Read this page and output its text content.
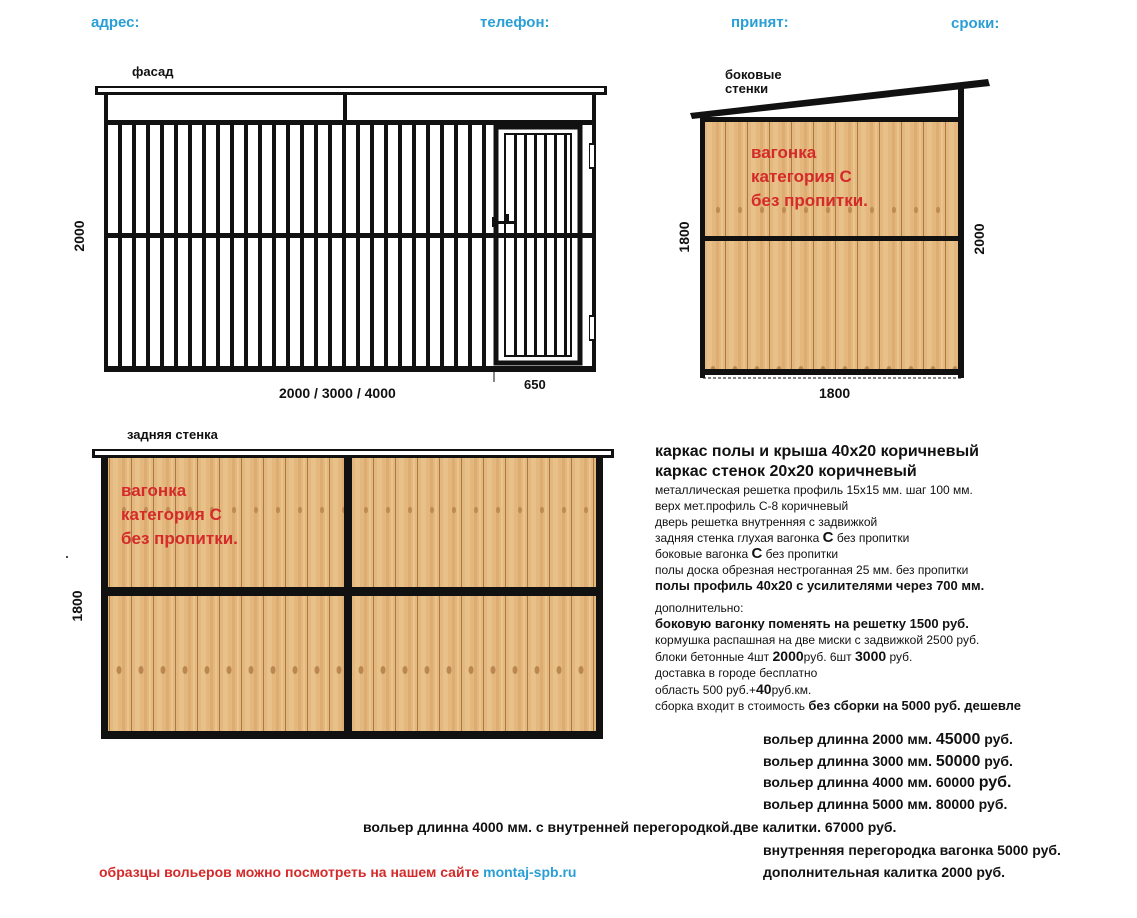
адрес:	телефон:	принят:	сроки:
фасад
2000
2000 / 3000 / 4000
650
боковые
стенки
1800	2000
1800
вагонка
категория С
без пропитки.
задняя стенка
1800
вагонка
категория С
без пропитки.
каркас полы и крыша 40х20 коричневый
каркас стенок 20х20 коричневый
металлическая решетка профиль 15х15 мм. шаг 100 мм.
верх мет.профиль С-8 коричневый
дверь решетка внутренняя с задвижкой
задняя стенка глухая вагонка С без пропитки
боковые вагонка С без пропитки
полы доска обрезная нестроганная 25 мм. без пропитки
полы профиль 40х20 с усилителями через 700 мм.
дополнительно:
боковую вагонку поменять на решетку 1500 руб.
кормушка распашная на две миски с задвижкой 2500 руб.
блоки бетонные 4шт 2000руб. 6шт 3000 руб.
доставка в городе бесплатно
область 500 руб.+40руб.км.
сборка входит в стоимость без сборки на 5000 руб. дешевле
вольер длинна 2000 мм. 45000 руб.
вольер длинна 3000 мм. 50000 руб.
вольер длинна 4000 мм. 60000 руб.
вольер длинна 5000 мм. 80000 руб.
вольер длинна 4000 мм. с внутренней перегородкой.две калитки. 67000 руб.
внутренняя перегородка вагонка 5000 руб.
дополнительная калитка 2000 руб.
образцы вольеров можно посмотреть на нашем сайте montaj-spb.ru
